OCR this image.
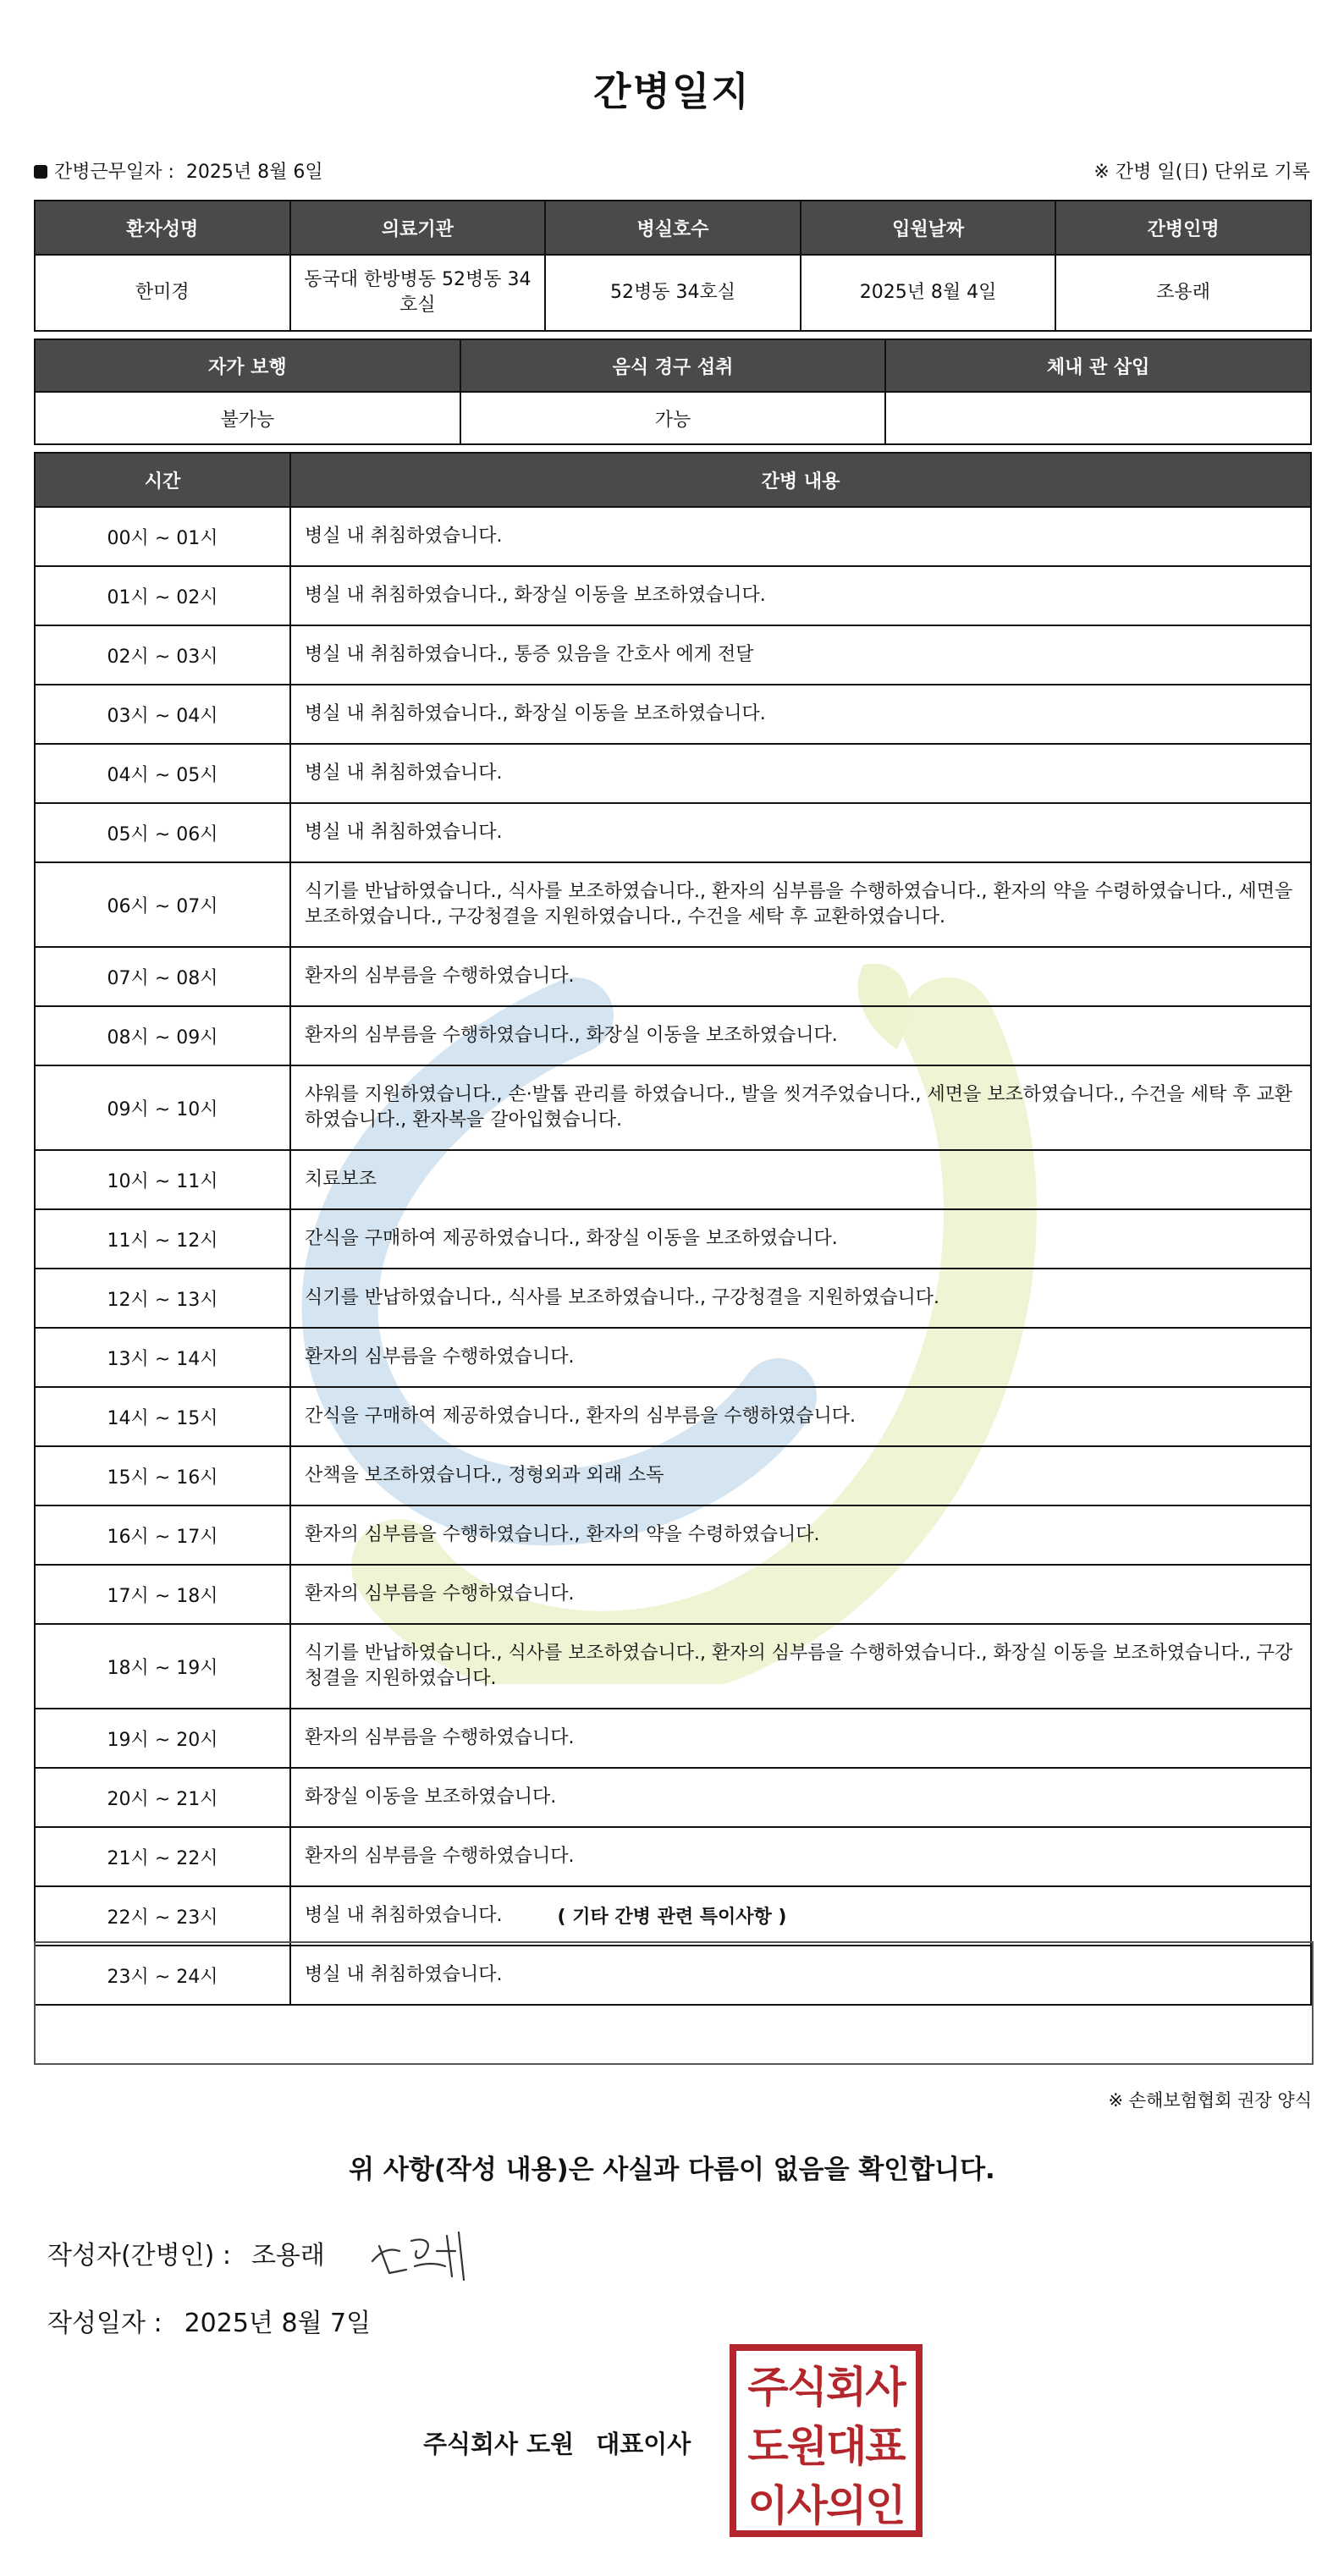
간병일지
간병근무일자 : 2025년 8월 6일	※ 간병 일(日) 단위로 기록
환자성명	의료기관	병실호수	입원날짜	간병인명
한미경	동국대 한방병동 52병동 34호실	52병동 34호실	2025년 8월 4일	조용래
자가 보행	음식 경구 섭취	체내 관 삽입
불가능	가능	
시간	간병 내용
00시 ~ 01시	병실 내 취침하였습니다.
01시 ~ 02시	병실 내 취침하였습니다., 화장실 이동을 보조하였습니다.
02시 ~ 03시	병실 내 취침하였습니다., 통증 있음을 간호사 에게 전달
03시 ~ 04시	병실 내 취침하였습니다., 화장실 이동을 보조하였습니다.
04시 ~ 05시	병실 내 취침하였습니다.
05시 ~ 06시	병실 내 취침하였습니다.
06시 ~ 07시	식기를 반납하였습니다., 식사를 보조하였습니다., 환자의 심부름을 수행하였습니다., 환자의 약을 수령하였습니다., 세면을 보조하였습니다., 구강청결을 지원하였습니다., 수건을 세탁 후 교환하였습니다.
07시 ~ 08시	환자의 심부름을 수행하였습니다.
08시 ~ 09시	환자의 심부름을 수행하였습니다., 화장실 이동을 보조하였습니다.
09시 ~ 10시	샤워를 지원하였습니다., 손·발톱 관리를 하였습니다., 발을 씻겨주었습니다., 세면을 보조하였습니다., 수건을 세탁 후 교환하였습니다., 환자복을 갈아입혔습니다.
10시 ~ 11시	치료보조
11시 ~ 12시	간식을 구매하여 제공하였습니다., 화장실 이동을 보조하였습니다.
12시 ~ 13시	식기를 반납하였습니다., 식사를 보조하였습니다., 구강청결을 지원하였습니다.
13시 ~ 14시	환자의 심부름을 수행하였습니다.
14시 ~ 15시	간식을 구매하여 제공하였습니다., 환자의 심부름을 수행하였습니다.
15시 ~ 16시	산책을 보조하였습니다., 정형외과 외래 소독
16시 ~ 17시	환자의 심부름을 수행하였습니다., 환자의 약을 수령하였습니다.
17시 ~ 18시	환자의 심부름을 수행하였습니다.
18시 ~ 19시	식기를 반납하였습니다., 식사를 보조하였습니다., 환자의 심부름을 수행하였습니다., 화장실 이동을 보조하였습니다., 구강청결을 지원하였습니다.
19시 ~ 20시	환자의 심부름을 수행하였습니다.
20시 ~ 21시	화장실 이동을 보조하였습니다.
21시 ~ 22시	환자의 심부름을 수행하였습니다.
22시 ~ 23시	병실 내 취침하였습니다.
23시 ~ 24시	병실 내 취침하였습니다.
( 기타 간병 관련 특이사항 )
※ 손해보험협회 권장 양식
위 사항(작성 내용)은 사실과 다름이 없음을 확인합니다.
작성자(간병인) : 조용래
작성일자 : 2025년 8월 7일
주식회사 도원 대표이사
주식회사
도원대표
이사의인
